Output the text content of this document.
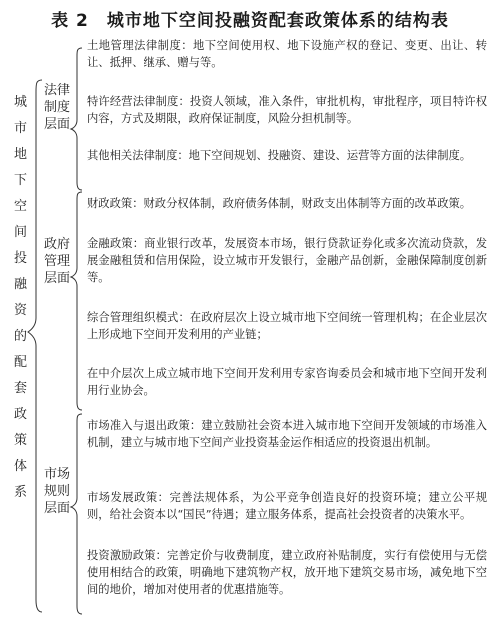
表 2 城市地下空间投融资配套政策体系的结构表
城
市
地
下
空
间
投
融
资
的
配
套
政
策
体
系
法律
制度
层面
政府
管理
层面
市场
规则
层面

土地管理法律制度：地下空间使用权、地下设施产权的登记、变更、出让、转让、抵押、继承、赠与等。

特许经营法律制度：投资人领域，准入条件，审批机构，审批程序，项目特许权内容，方式及期限，政府保证制度，风险分担机制等。

其他相关法律制度：地下空间规划、投融资、建设、运营等方面的法律制度。

财政政策：财政分权体制，政府债务体制，财政支出体制等方面的改革政策。

金融政策：商业银行改革，发展资本市场，银行贷款证券化或多次流动贷款，发展金融租赁和信用保险，设立城市开发银行，金融产品创新，金融保障制度创新等。

综合管理组织模式：在政府层次上设立城市地下空间统一管理机构；在企业层次上形成地下空间开发利用的产业链；

在中介层次上成立城市地下空间开发利用专家咨询委员会和城市地下空间开发利用行业协会。

市场准入与退出政策：建立鼓励社会资本进入城市地下空间开发领域的市场准入机制，建立与城市地下空间产业投资基金运作相适应的投资退出机制。

市场发展政策：完善法规体系，为公平竞争创造良好的投资环境；建立公平规则，给社会资本以“国民”待遇；建立服务体系，提高社会投资者的决策水平。

投资激励政策：完善定价与收费制度，建立政府补贴制度，实行有偿使用与无偿使用相结合的政策，明确地下建筑物产权，放开地下建筑交易市场，减免地下空间的地价，增加对使用者的优惠措施等。
